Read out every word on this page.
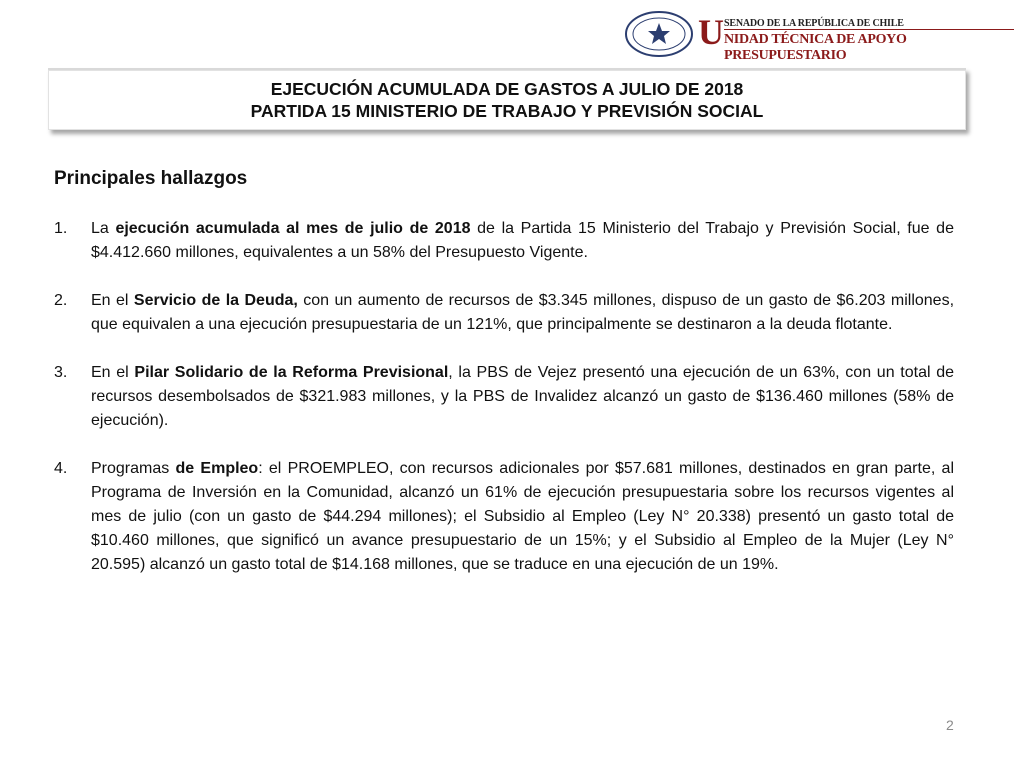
U SENADO DE LA REPÚBLICA DE CHILE
NIDAD TÉCNICA DE APOYO PRESUPUESTARIO
EJECUCIÓN ACUMULADA DE GASTOS A JULIO DE 2018
PARTIDA 15 MINISTERIO DE TRABAJO Y PREVISIÓN SOCIAL
Principales hallazgos
1. La ejecución acumulada al mes de julio de 2018 de la Partida 15 Ministerio del Trabajo y Previsión Social, fue de $4.412.660 millones, equivalentes a un 58% del Presupuesto Vigente.

2. En el Servicio de la Deuda, con un aumento de recursos de $3.345 millones, dispuso de un gasto de $6.203 millones, que equivalen a una ejecución presupuestaria de un 121%, que principalmente se destinaron a la deuda flotante.

3. En el Pilar Solidario de la Reforma Previsional, la PBS de Vejez presentó una ejecución de un 63%, con un total de recursos desembolsados de $321.983 millones, y la PBS de Invalidez alcanzó un gasto de $136.460 millones (58% de ejecución).

4. Programas de Empleo: el PROEMPLEO, con recursos adicionales por $57.681 millones, destinados en gran parte, al Programa de Inversión en la Comunidad, alcanzó un 61% de ejecución presupuestaria sobre los recursos vigentes al mes de julio (con un gasto de $44.294 millones); el Subsidio al Empleo (Ley N° 20.338) presentó un gasto total de $10.460 millones, que significó un avance presupuestario de un 15%; y el Subsidio al Empleo de la Mujer (Ley N° 20.595) alcanzó un gasto total de $14.168 millones, que se traduce en una ejecución de un 19%.

2
